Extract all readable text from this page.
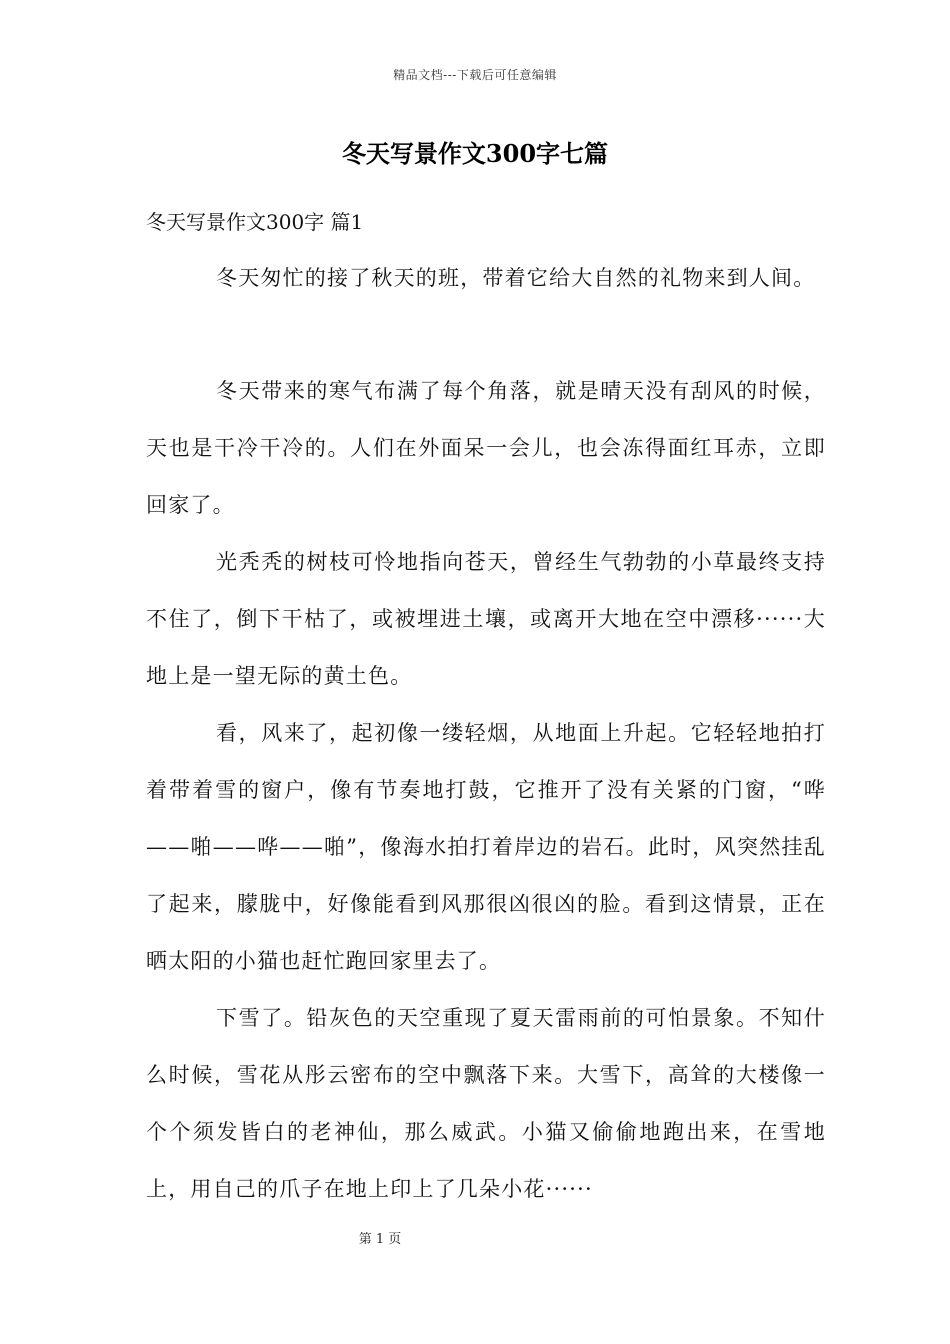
精品文档---下载后可任意编辑
冬天写景作文300字七篇
冬天写景作文300字 篇1

冬天匆忙的接了秋天的班，带着它给大自然的礼物来到人间。

冬天带来的寒气布满了每个角落，就是晴天没有刮风的时候，天也是干冷干冷的。人们在外面呆一会儿，也会冻得面红耳赤，立即回家了。

光秃秃的树枝可怜地指向苍天，曾经生气勃勃的小草最终支持不住了，倒下干枯了，或被埋进土壤，或离开大地在空中漂移······大地上是一望无际的黄土色。

看，风来了，起初像一缕轻烟，从地面上升起。它轻轻地拍打着带着雪的窗户，像有节奏地打鼓，它推开了没有关紧的门窗，“哗——啪——哗——啪”，像海水拍打着岸边的岩石。此时，风突然挂乱了起来，朦胧中，好像能看到风那很凶很凶的脸。看到这情景，正在晒太阳的小猫也赶忙跑回家里去了。

下雪了。铅灰色的天空重现了夏天雷雨前的可怕景象。不知什么时候，雪花从彤云密布的空中飘落下来。大雪下，高耸的大楼像一个个须发皆白的老神仙，那么威武。小猫又偷偷地跑出来，在雪地上，用自己的爪子在地上印上了几朵小花······

第 1 页
